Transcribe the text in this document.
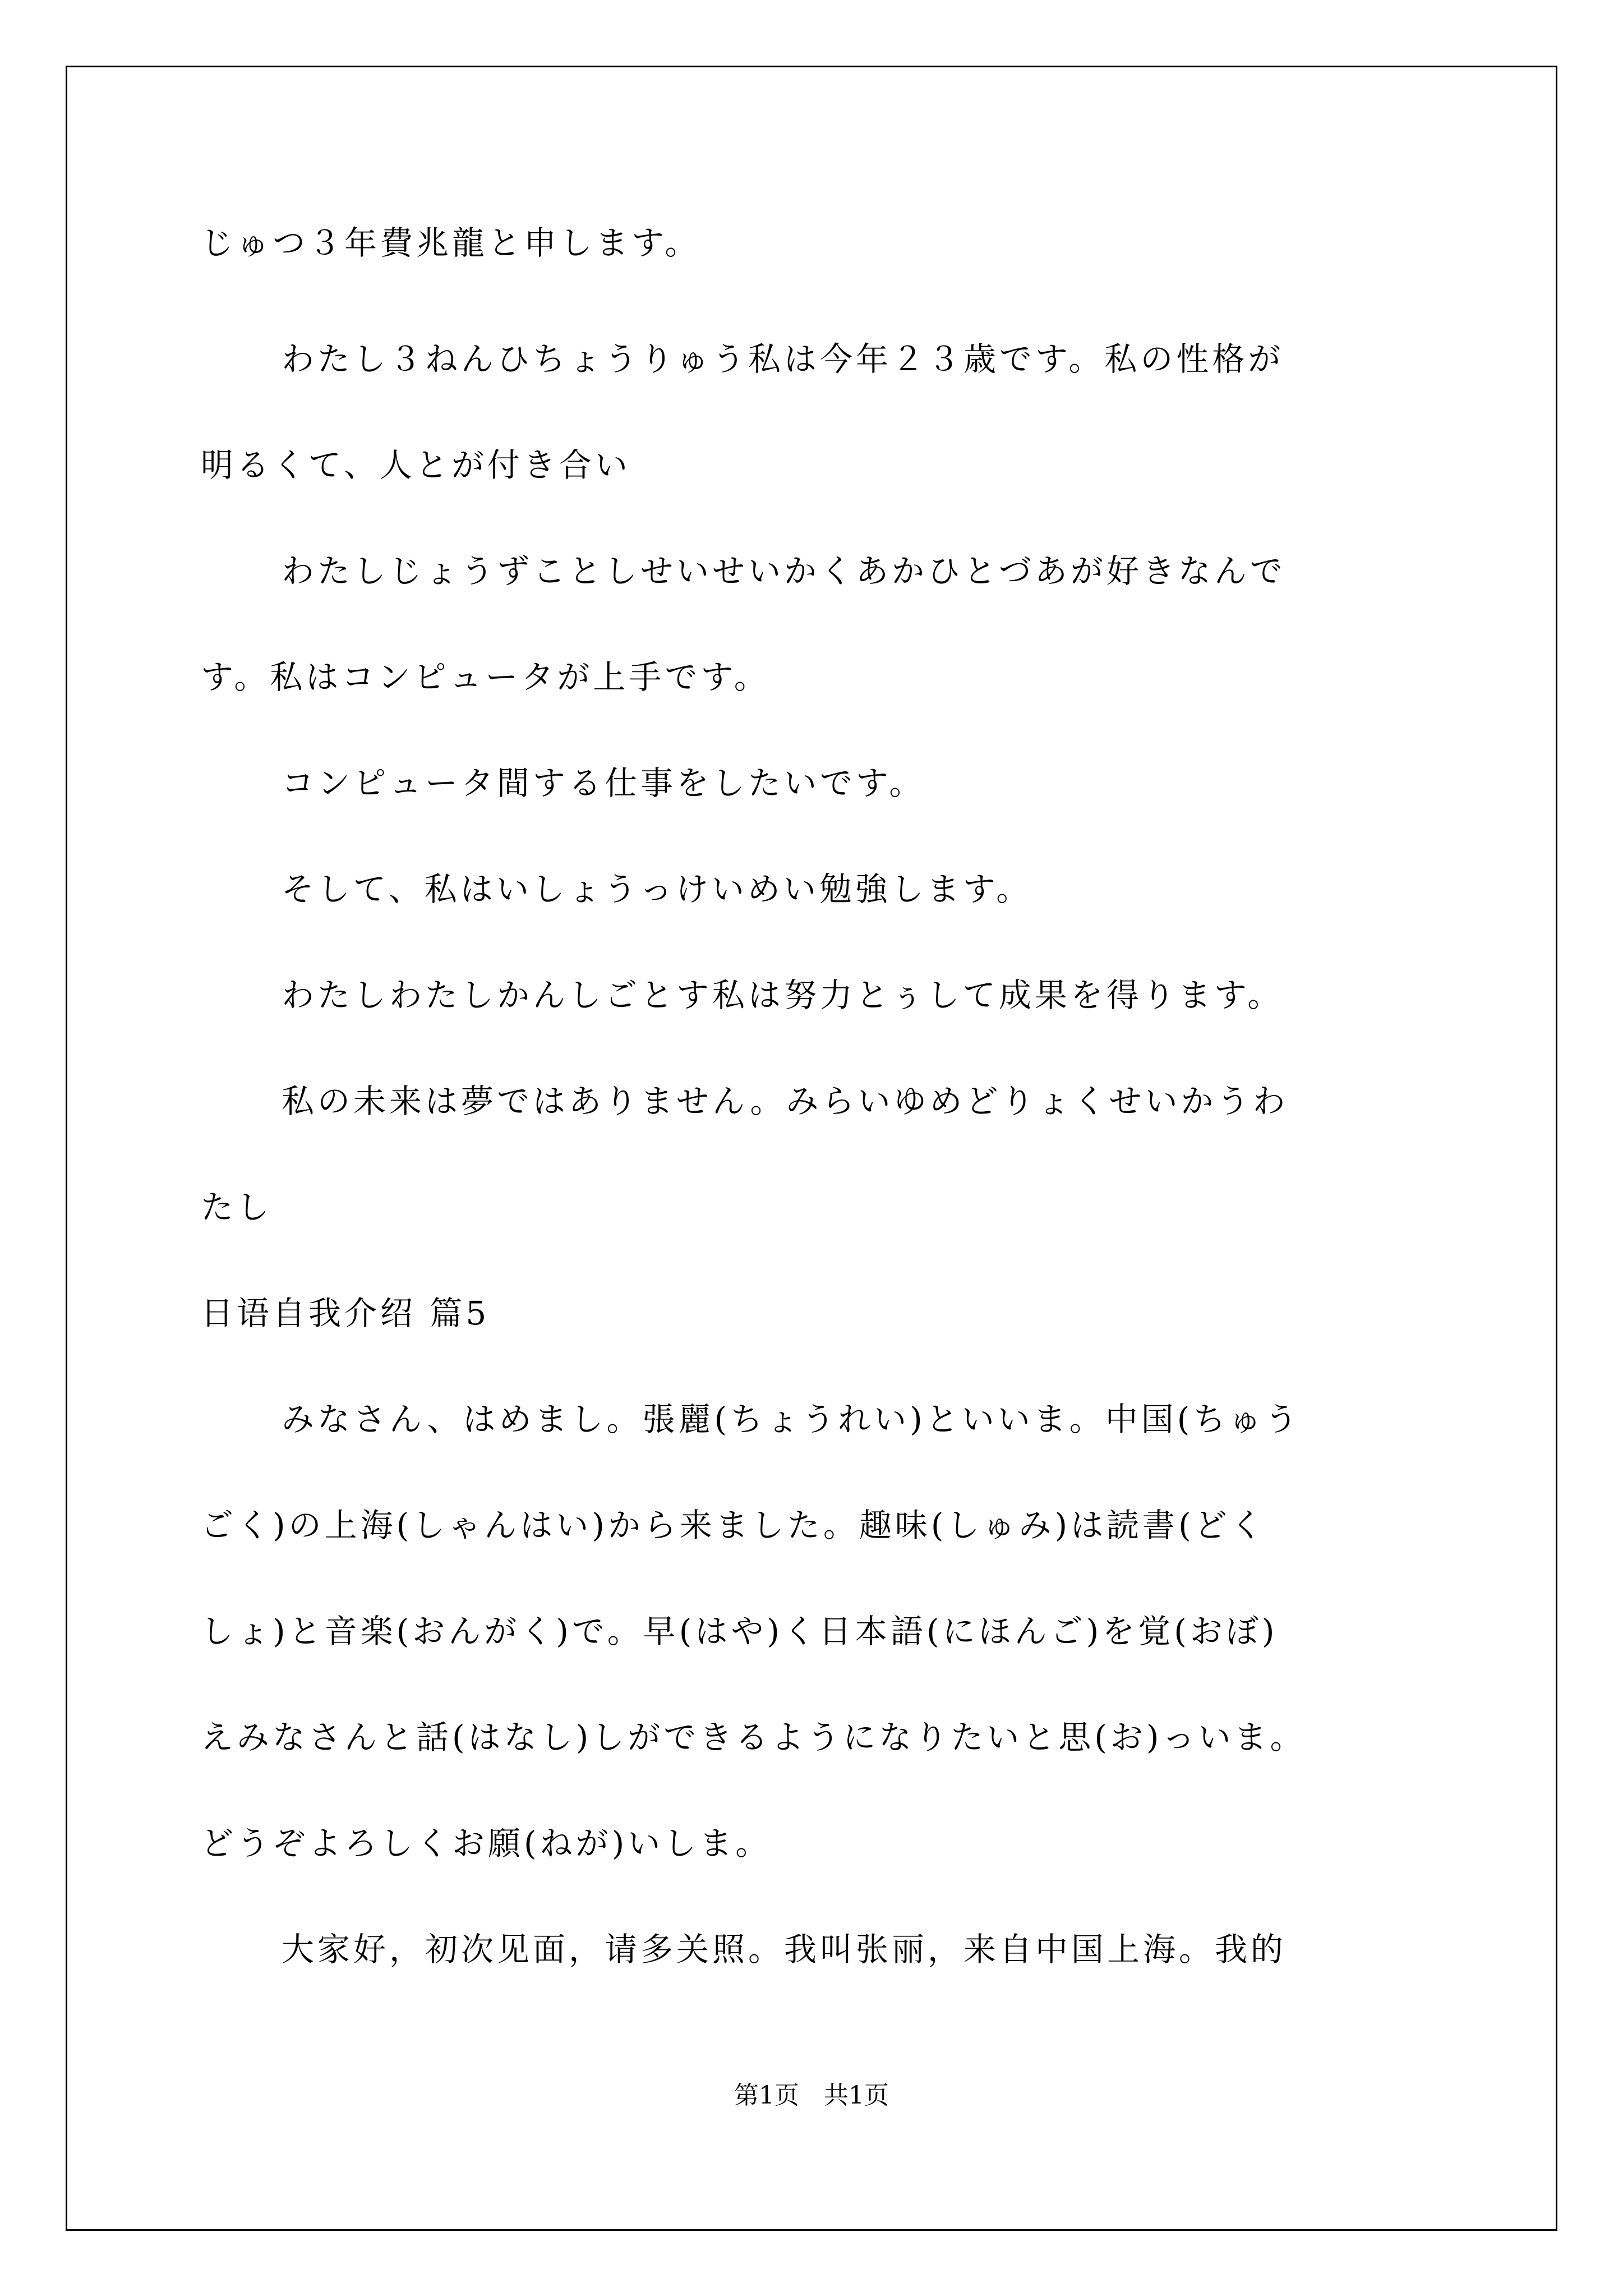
じゅつ３年費兆龍と申します。
わたし３ねんひちょうりゅう私は今年２３歳です。私の性格が
明るくて、人とが付き合い
わたしじょうずことしせいせいかくあかひとづあが好きなんで
す。私はコンピュータが上手です。
コンピュータ間する仕事をしたいです。
そして、私はいしょうっけいめい勉強します。
わたしわたしかんしごとす私は努力とぅして成果を得ります。
私の未来は夢ではありません。みらいゆめどりょくせいかうわ
たし
日语自我介绍 篇5
みなさん、はめまし。張麗(ちょうれい)といいま。中国(ちゅう
ごく)の上海(しゃんはい)から来ました。趣味(しゅみ)は読書(どく
しょ)と音楽(おんがく)で。早(はや)く日本語(にほんご)を覚(おぼ)
えみなさんと話(はなし)しができるようになりたいと思(お)っいま。
どうぞよろしくお願(ねが)いしま。
大家好，初次见面，请多关照。我叫张丽，来自中国上海。我的
第1页　共1页
